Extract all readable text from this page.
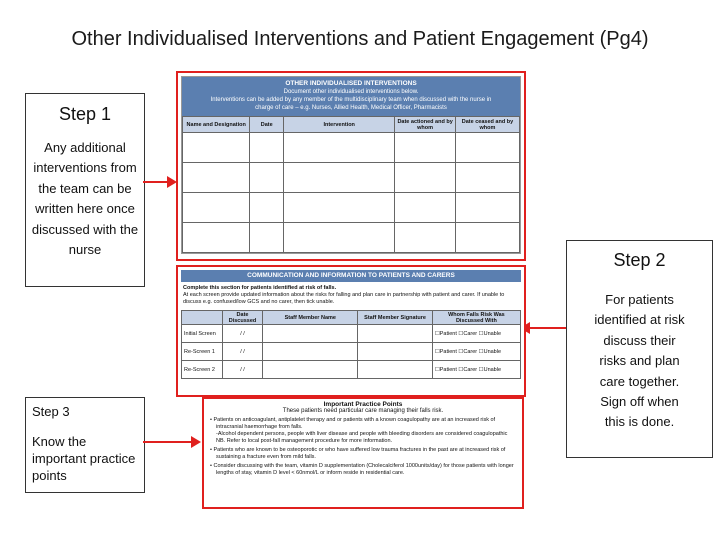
Other Individualised Interventions and Patient Engagement (Pg4)
Step 1
Any additional interventions from the team can be written here once discussed with the nurse
Step 2
For patients identified at risk discuss their risks and plan care together. Sign off when this is done.
Step 3
Know the important practice points
OTHER INDIVIDUALISED INTERVENTIONS
Document other individualised interventions below.
Interventions can be added by any member of the multidisciplinary team when discussed with the nurse in charge of care – e.g. Nurses, Allied Health, Medical Officer, Pharmacists
Name and Designation	Date	Intervention	Date actioned and by whom	Date ceased and by whom

COMMUNICATION AND INFORMATION TO PATIENTS AND CARERS
Complete this section for patients identified at risk of falls.
At each screen provide updated information about the risks for falling and plan care in partnership with patient and carer. If unable to discuss e.g. confused/low GCS and no carer, then tick unable.
	Date Discussed	Staff Member Name	Staff Member Signature	Whom Falls Risk Was Discussed With
Initial Screen	/ /			☐Patient ☐Carer ☐Unable
Re-Screen 1	/ /			☐Patient ☐Carer ☐Unable
Re-Screen 2	/ /			☐Patient ☐Carer ☐Unable
Important Practice Points
These patients need particular care managing their falls risk.
• Patients on anticoagulant, antiplatelet therapy and or patients with a known coagulopathy are at an increased risk of intracranial haemorrhage from falls.
-Alcohol dependent persons, people with liver disease and people with bleeding disorders are considered coagulopathic
NB. Refer to local post-fall management procedure for more information.
• Patients who are known to be osteoporotic or who have suffered low trauma fractures in the past are at increased risk of sustaining a fracture even from mild falls.
• Consider discussing with the team, vitamin D supplementation (Cholecalciferol 1000units/day) for those patients with longer lengths of stay, vitamin D level < 60nmol/L or inform reside in residential care.
